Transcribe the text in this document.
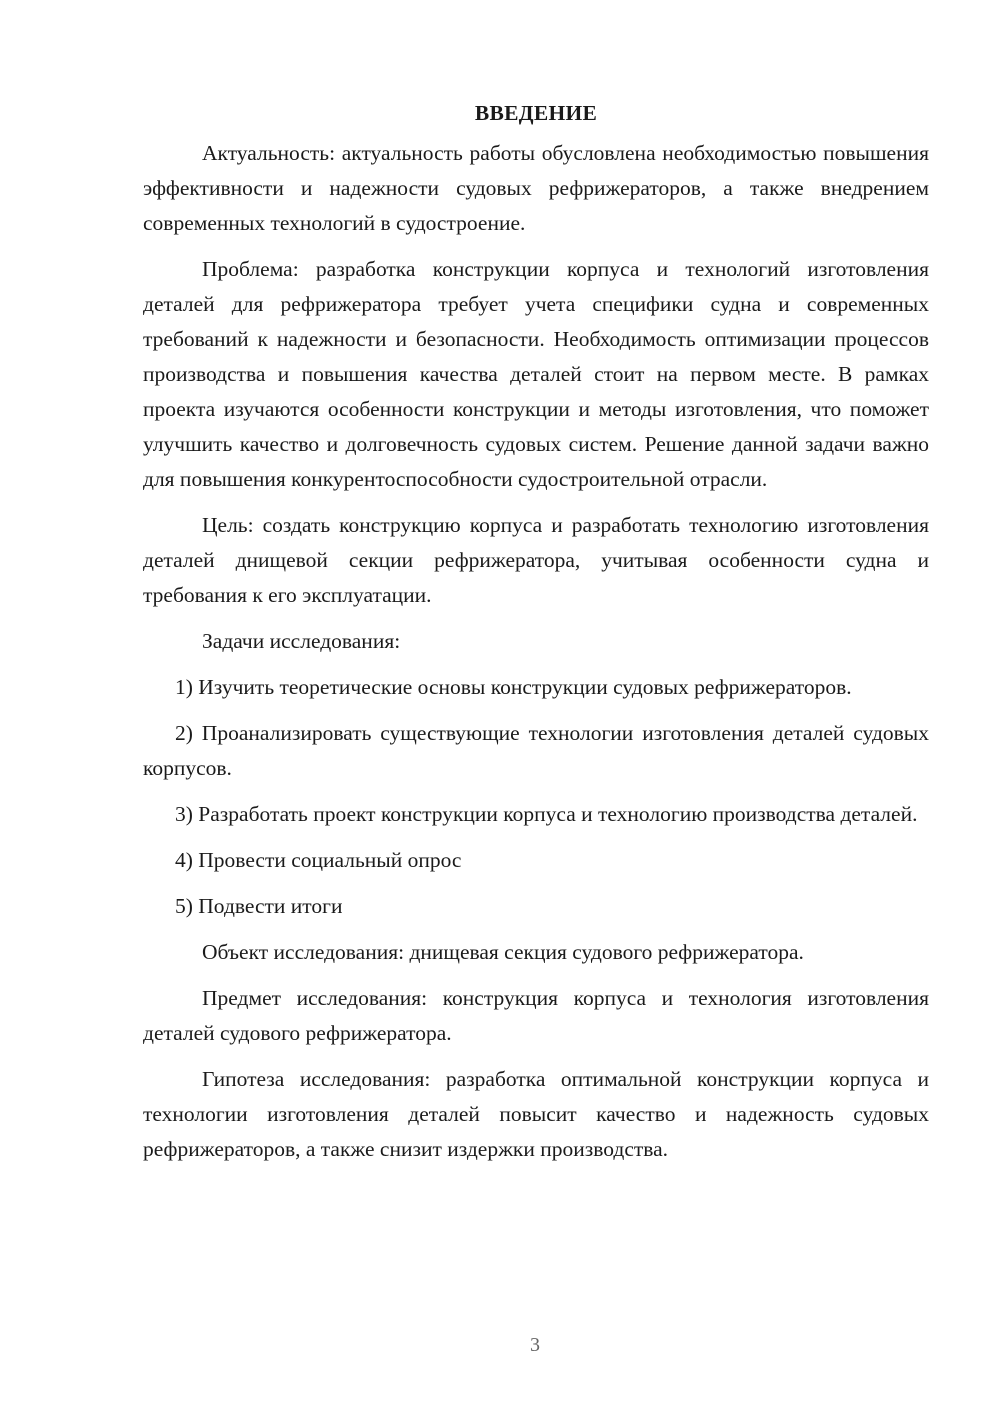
ВВЕДЕНИЕ

Актуальность: актуальность работы обусловлена необходимостью повышения эффективности и надежности судовых рефрижераторов, а также внедрением современных технологий в судостроение.

Проблема: разработка конструкции корпуса и технологий изготовления деталей для рефрижератора требует учета специфики судна и современных требований к надежности и безопасности. Необходимость оптимизации процессов производства и повышения качества деталей стоит на первом месте. В рамках проекта изучаются особенности конструкции и методы изготовления, что поможет улучшить качество и долговечность судовых систем. Решение данной задачи важно для повышения конкурентоспособности судостроительной отрасли.

Цель: создать конструкцию корпуса и разработать технологию изготовления деталей днищевой секции рефрижератора, учитывая особенности судна и требования к его эксплуатации.

Задачи исследования:

1) Изучить теоретические основы конструкции судовых рефрижераторов.

2) Проанализировать существующие технологии изготовления деталей судовых корпусов.

3) Разработать проект конструкции корпуса и технологию производства деталей.

4) Провести социальный опрос

5) Подвести итоги

Объект исследования: днищевая секция судового рефрижератора.

Предмет исследования: конструкция корпуса и технология изготовления деталей судового рефрижератора.

Гипотеза исследования: разработка оптимальной конструкции корпуса и технологии изготовления деталей повысит качество и надежность судовых рефрижераторов, а также снизит издержки производства.

3
